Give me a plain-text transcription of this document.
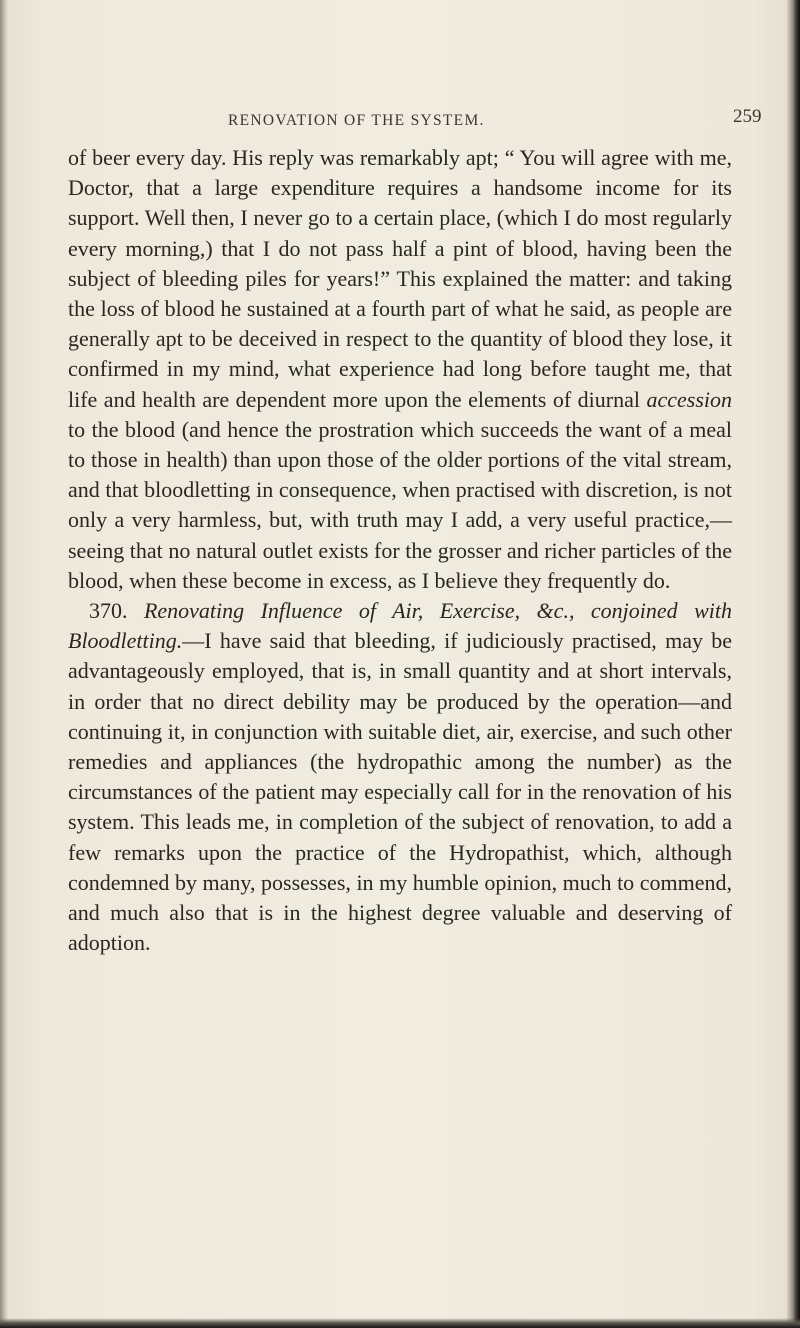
RENOVATION OF THE SYSTEM.	259

of beer every day. His reply was remarkably apt; “ You will agree with me, Doctor, that a large expenditure requires a handsome income for its support. Well then, I never go to a certain place, (which I do most regularly every morning,) that I do not pass half a pint of blood, having been the subject of bleeding piles for years!” This explained the matter: and taking the loss of blood he sustained at a fourth part of what he said, as people are generally apt to be deceived in respect to the quantity of blood they lose, it confirmed in my mind, what experience had long before taught me, that life and health are dependent more upon the elements of diurnal accession to the blood (and hence the prostration which succeeds the want of a meal to those in health) than upon those of the older portions of the vital stream, and that bloodletting in consequence, when practised with discretion, is not only a very harmless, but, with truth may I add, a very useful practice,—seeing that no natural outlet exists for the grosser and richer particles of the blood, when these become in excess, as I believe they frequently do.

370. Renovating Influence of Air, Exercise, &c., conjoined with Bloodletting.—I have said that bleeding, if judiciously practised, may be advantageously employed, that is, in small quantity and at short intervals, in order that no direct debility may be produced by the operation—and continuing it, in conjunction with suitable diet, air, exercise, and such other remedies and appliances (the hydropathic among the number) as the circumstances of the patient may especially call for in the renovation of his system. This leads me, in completion of the subject of renovation, to add a few remarks upon the practice of the Hydropathist, which, although condemned by many, possesses, in my humble opinion, much to commend, and much also that is in the highest degree valuable and deserving of adoption.
